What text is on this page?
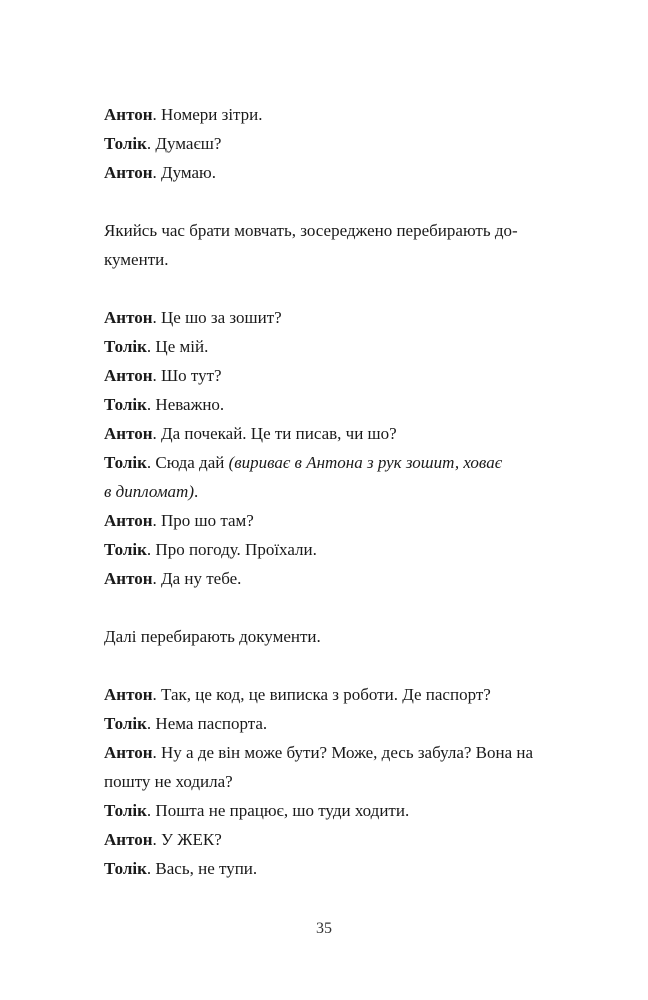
Антон. Номери зітри.
Толік. Думаєш?
Антон. Думаю.
Якийсь час брати мовчать, зосереджено перебирають до-
кументи.
Антон. Це шо за зошит?
Толік. Це мій.
Антон. Шо тут?
Толік. Неважно.
Антон. Да почекай. Це ти писав, чи шо?
Толік. Сюда дай (вириває в Антона з рук зошит, ховає
в дипломат).
Антон. Про шо там?
Толік. Про погоду. Проїхали.
Антон. Да ну тебе.
Далі перебирають документи.
Антон. Так, це код, це виписка з роботи. Де паспорт?
Толік. Нема паспорта.
Антон. Ну а де він може бути? Може, десь забула? Вона на
пошту не ходила?
Толік. Пошта не працює, шо туди ходити.
Антон. У ЖЕК?
Толік. Вась, не тупи.
35
